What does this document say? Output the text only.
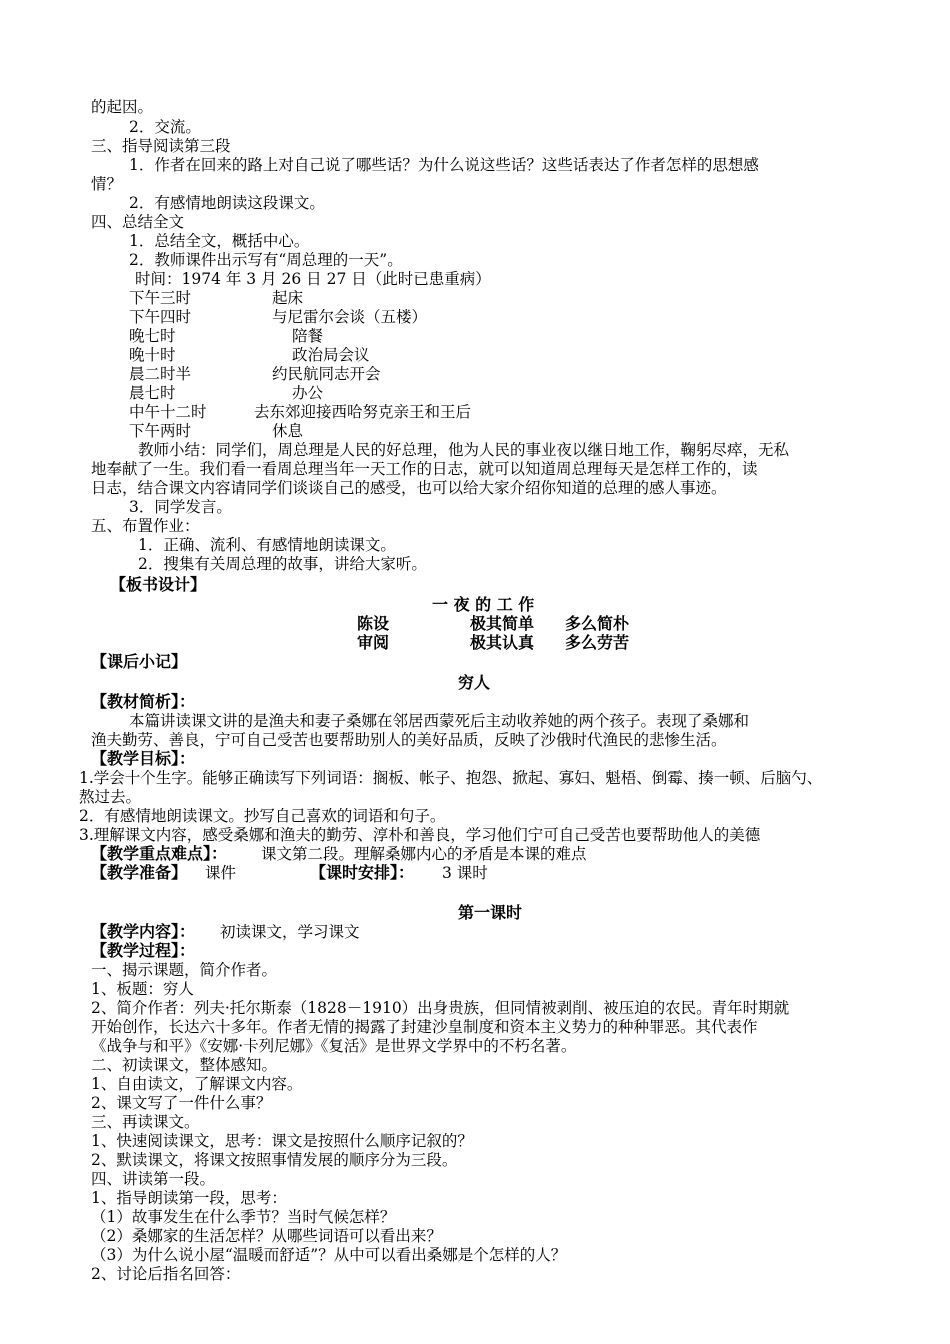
的起因。
2．交流。
三、指导阅读第三段
1．作者在回来的路上对自己说了哪些话？为什么说这些话？这些话表达了作者怎样的思想感
情？
2．有感情地朗读这段课文。
四、总结全文
1．总结全文，概括中心。
2．教师课件出示写有“周总理的一天”。
时间：1974 年 3 月 26 日 27 日（此时已患重病）
下午三时	起床
下午四时	与尼雷尔会谈（五楼）
晚七时	陪餐
晚十时	政治局会议
晨二时半	约民航同志开会
晨七时	办公
中午十二时	去东郊迎接西哈努克亲王和王后
下午两时	休息
教师小结：同学们，周总理是人民的好总理，他为人民的事业夜以继日地工作，鞠躬尽瘁，无私
地奉献了一生。我们看一看周总理当年一天工作的日志，就可以知道周总理每天是怎样工作的，读
日志，结合课文内容请同学们谈谈自己的感受，也可以给大家介绍你知道的总理的感人事迹。
3．同学发言。
五、布置作业：
1．正确、流利、有感情地朗读课文。
2．搜集有关周总理的故事，讲给大家听。
【板书设计】
一 夜 的 工 作
陈设	极其简单 多么简朴
审阅	极其认真 多么劳苦
【课后小记】
穷人
【教材简析】：
本篇讲读课文讲的是渔夫和妻子桑娜在邻居西蒙死后主动收养她的两个孩子。表现了桑娜和
渔夫勤劳、善良，宁可自己受苦也要帮助别人的美好品质，反映了沙俄时代渔民的悲惨生活。
【教学目标】：
1.学会十个生字。能够正确读写下列词语：搁板、帐子、抱怨、掀起、寡妇、魁梧、倒霉、揍一顿、后脑勺、
熬过去。
2．有感情地朗读课文。抄写自己喜欢的词语和句子。
3.理解课文内容，感受桑娜和渔夫的勤劳、淳朴和善良，学习他们宁可自己受苦也要帮助他人的美德
【教学重点难点】： 课文第二段。理解桑娜内心的矛盾是本课的难点
【教学准备】 课件	【课时安排】： 3 课时
第一课时
【教学内容】： 初读课文，学习课文
【教学过程】：
一、揭示课题，简介作者。
1、板题：穷人
2、简介作者：列夫·托尔斯泰（1828－1910）出身贵族，但同情被剥削、被压迫的农民。青年时期就
开始创作，长达六十多年。作者无情的揭露了封建沙皇制度和资本主义势力的种种罪恶。其代表作
《战争与和平》《安娜·卡列尼娜》《复活》是世界文学界中的不朽名著。
二、初读课文，整体感知。
1、自由读文，了解课文内容。
2、课文写了一件什么事？
三、再读课文。
1、快速阅读课文，思考：课文是按照什么顺序记叙的？
2、默读课文，将课文按照事情发展的顺序分为三段。
四、讲读第一段。
1、指导朗读第一段，思考：
（1）故事发生在什么季节？当时气候怎样？
（2）桑娜家的生活怎样？从哪些词语可以看出来？
（3）为什么说小屋“温暖而舒适”？从中可以看出桑娜是个怎样的人？
2、讨论后指名回答：
